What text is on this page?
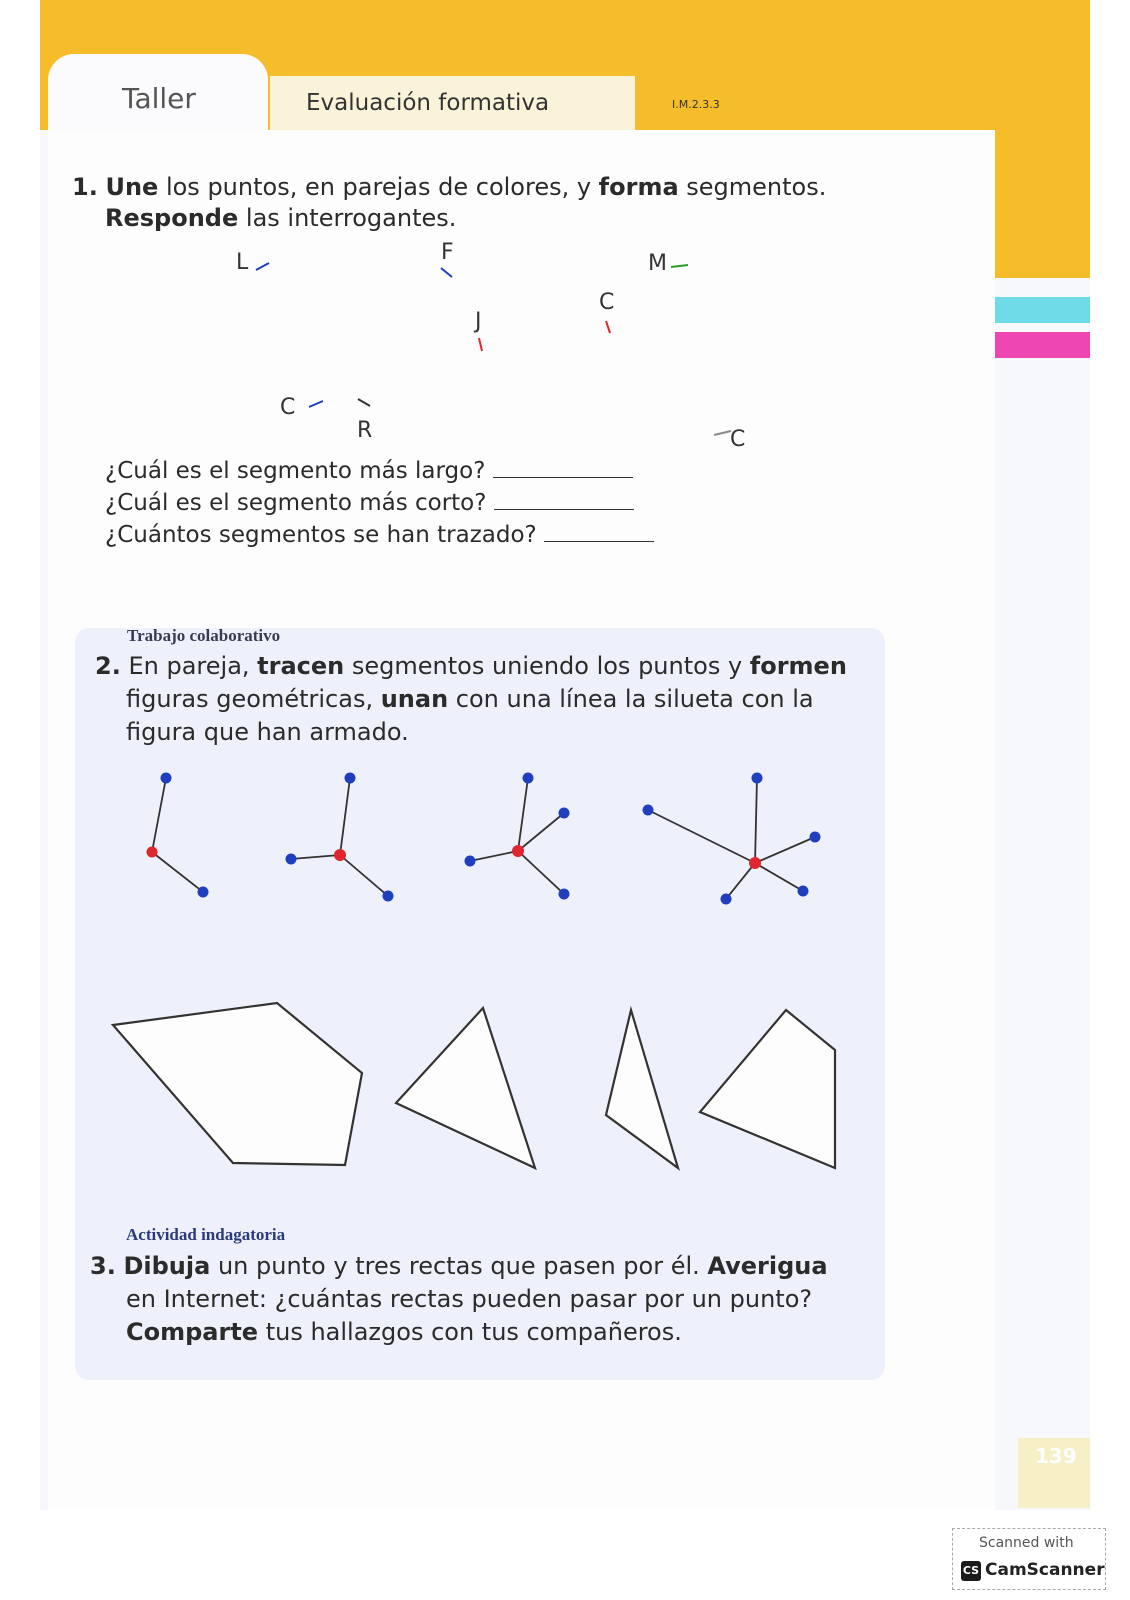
Taller	Evaluación formativa	I.M.2.3.3
1. Une los puntos, en parejas de colores, y forma segmentos.
Responde las interrogantes.
L	F	M
C
J
C
R	C
¿Cuál es el segmento más largo?
¿Cuál es el segmento más corto?
¿Cuántos segmentos se han trazado?
Trabajo colaborativo
2. En pareja, tracen segmentos uniendo los puntos y formen
figuras geométricas, unan con una línea la silueta con la
figura que han armado.
Actividad indagatoria
3. Dibuja un punto y tres rectas que pasen por él. Averigua
en Internet: ¿cuántas rectas pueden pasar por un punto?
Comparte tus hallazgos con tus compañeros.
139
Scanned with
CS CamScanner
